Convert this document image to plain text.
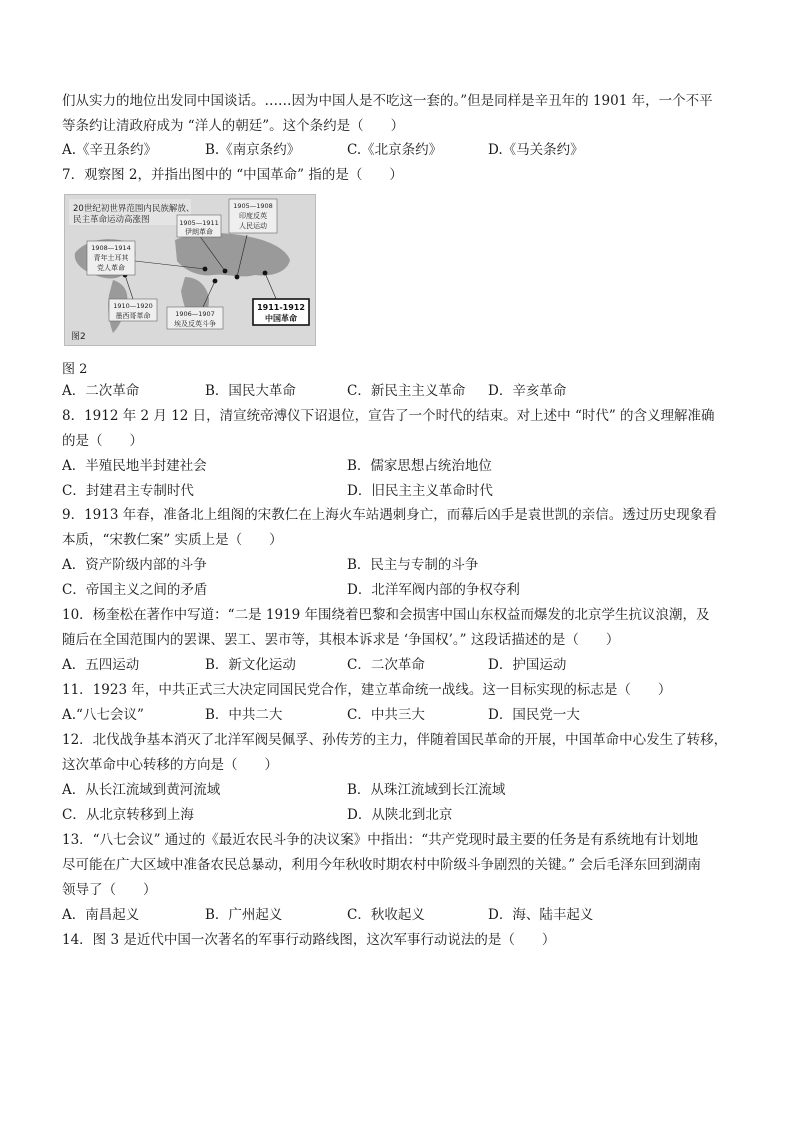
们从实力的地位出发同中国谈话。……因为中国人是不吃这一套的。”但是同样是辛丑年的 1901 年，一个不平
等条约让清政府成为 “洋人的朝廷”。这个条约是（　　）
A.《辛丑条约》	B.《南京条约》	C.《北京条约》	D.《马关条约》
7．观察图 2，并指出图中的 “中国革命” 指的是（　　）
20世纪初世界范围内民族解放、
民主革命运动高涨图	1905—1911
伊朗革命
1905—1908
印度反英
人民运动
1908—1914
青年土耳其
党人革命
1910—1920
墨西哥革命	1906—1907
埃及反英斗争
1911-1912
中国革命
图2
图 2
A．二次革命	B．国民大革命	C．新民主主义革命 D．辛亥革命
8．1912 年 2 月 12 日，清宣统帝溥仪下诏退位，宣告了一个时代的结束。对上述中 “时代” 的含义理解准确
的是（　　）
A．半殖民地半封建社会	B．儒家思想占统治地位
C．封建君主专制时代	D．旧民主主义革命时代
9．1913 年春，准备北上组阁的宋教仁在上海火车站遇刺身亡，而幕后凶手是袁世凯的亲信。透过历史现象看
本质，“宋教仁案” 实质上是（　　）
A．资产阶级内部的斗争	B．民主与专制的斗争
C．帝国主义之间的矛盾	D．北洋军阀内部的争权夺利
10．杨奎松在著作中写道：“二是 1919 年围绕着巴黎和会损害中国山东权益而爆发的北京学生抗议浪潮，及
随后在全国范围内的罢课、罢工、罢市等，其根本诉求是 ‘争国权’。” 这段话描述的是（　　）
A．五四运动	B．新文化运动	C．二次革命	D．护国运动
11．1923 年，中共正式三大决定同国民党合作，建立革命统一战线。这一目标实现的标志是（　　）
A.“八七会议”	B．中共二大	C．中共三大	D．国民党一大
12．北伐战争基本消灭了北洋军阀吴佩孚、孙传芳的主力，伴随着国民革命的开展，中国革命中心发生了转移，
这次革命中心转移的方向是（　　）
A．从长江流域到黄河流域	B．从珠江流域到长江流域
C．从北京转移到上海	D．从陕北到北京
13．“八七会议” 通过的《最近农民斗争的决议案》中指出：“共产党现时最主要的任务是有系统地有计划地
尽可能在广大区域中准备农民总暴动，利用今年秋收时期农村中阶级斗争剧烈的关键。” 会后毛泽东回到湖南
领导了（　　）
A．南昌起义	B．广州起义	C．秋收起义	D．海、陆丰起义
14．图 3 是近代中国一次著名的军事行动路线图，这次军事行动说法的是（　　）
